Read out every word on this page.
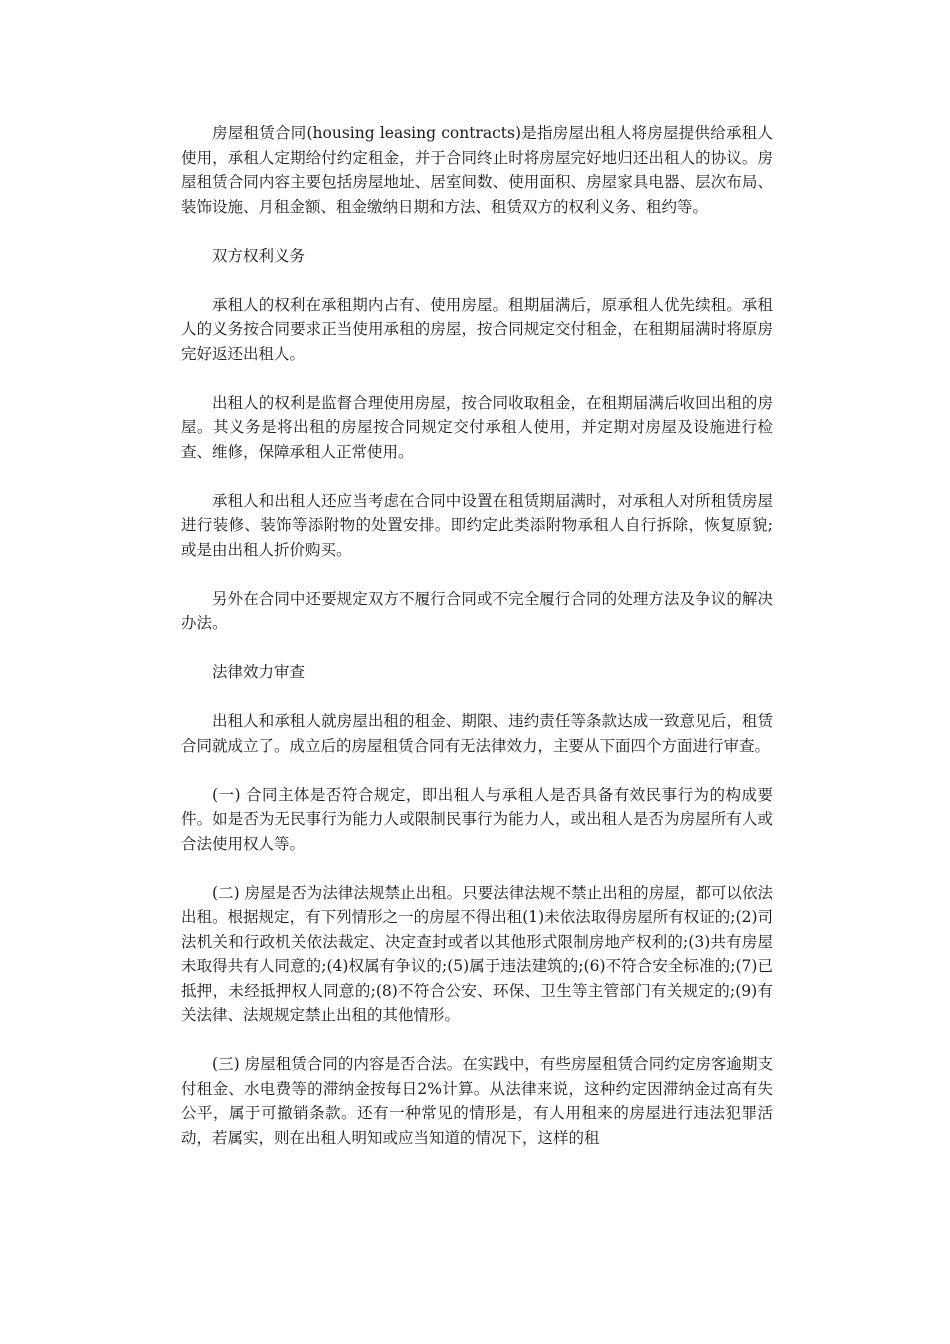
房屋租赁合同(housing leasing contracts)是指房屋出租人将房屋提供给承租人使用，承租人定期给付约定租金，并于合同终止时将房屋完好地归还出租人的协议。房屋租赁合同内容主要包括房屋地址、居室间数、使用面积、房屋家具电器、层次布局、装饰设施、月租金额、租金缴纳日期和方法、租赁双方的权利义务、租约等。

双方权利义务

承租人的权利在承租期内占有、使用房屋。租期届满后，原承租人优先续租。承租人的义务按合同要求正当使用承租的房屋，按合同规定交付租金，在租期届满时将原房完好返还出租人。

出租人的权利是监督合理使用房屋，按合同收取租金，在租期届满后收回出租的房屋。其义务是将出租的房屋按合同规定交付承租人使用，并定期对房屋及设施进行检查、维修，保障承租人正常使用。

承租人和出租人还应当考虑在合同中设置在租赁期届满时，对承租人对所租赁房屋进行装修、装饰等添附物的处置安排。即约定此类添附物承租人自行拆除，恢复原貌;或是由出租人折价购买。

另外在合同中还要规定双方不履行合同或不完全履行合同的处理方法及争议的解决办法。

法律效力审查

出租人和承租人就房屋出租的租金、期限、违约责任等条款达成一致意见后，租赁合同就成立了。成立后的房屋租赁合同有无法律效力，主要从下面四个方面进行审查。

(一) 合同主体是否符合规定，即出租人与承租人是否具备有效民事行为的构成要件。如是否为无民事行为能力人或限制民事行为能力人，或出租人是否为房屋所有人或合法使用权人等。

(二) 房屋是否为法律法规禁止出租。只要法律法规不禁止出租的房屋，都可以依法出租。根据规定，有下列情形之一的房屋不得出租(1)未依法取得房屋所有权证的;(2)司法机关和行政机关依法裁定、决定查封或者以其他形式限制房地产权利的;(3)共有房屋未取得共有人同意的;(4)权属有争议的;(5)属于违法建筑的;(6)不符合安全标准的;(7)已抵押，未经抵押权人同意的;(8)不符合公安、环保、卫生等主管部门有关规定的;(9)有关法律、法规规定禁止出租的其他情形。

(三) 房屋租赁合同的内容是否合法。在实践中，有些房屋租赁合同约定房客逾期支付租金、水电费等的滞纳金按每日2%计算。从法律来说，这种约定因滞纳金过高有失公平，属于可撤销条款。还有一种常见的情形是，有人用租来的房屋进行违法犯罪活动，若属实，则在出租人明知或应当知道的情况下，这样的租
